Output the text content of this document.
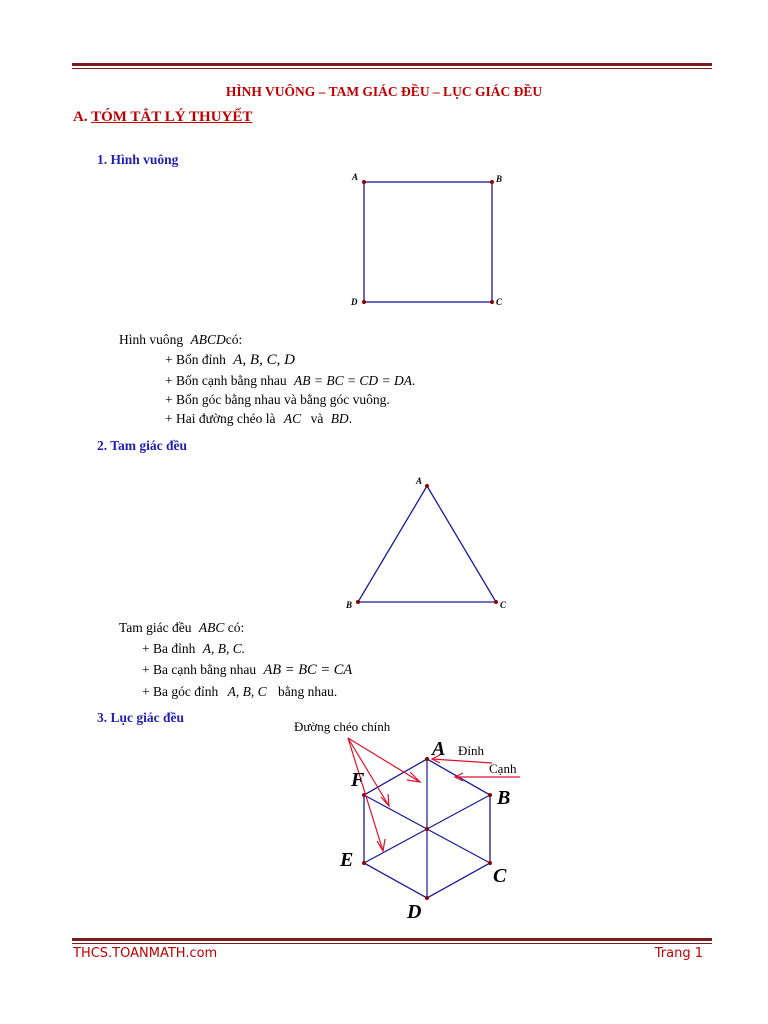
HÌNH VUÔNG – TAM GIÁC ĐỀU – LỤC GIÁC ĐỀU
A. TÓM TẮT LÝ THUYẾT
1. Hình vuông
A	B
C
D
A
B	C
Đường chéo chính
Đỉnh
Cạnh
A
B
C
D
E
F
Hình vuông ABCDcó:
+ Bốn đỉnh A, B, C, D
+ Bốn cạnh bằng nhau AB = BC = CD = DA.
+ Bốn góc bằng nhau và bằng góc vuông.
+ Hai đường chéo là AC và BD.
2. Tam giác đều
Tam giác đều ABC có:
+ Ba đỉnh A, B, C.
+ Ba cạnh bằng nhau AB = BC = CA
+ Ba góc đỉnh A, B, C bằng nhau.
3. Lục giác đều
THCS.TOANMATH.com	Trang 1
